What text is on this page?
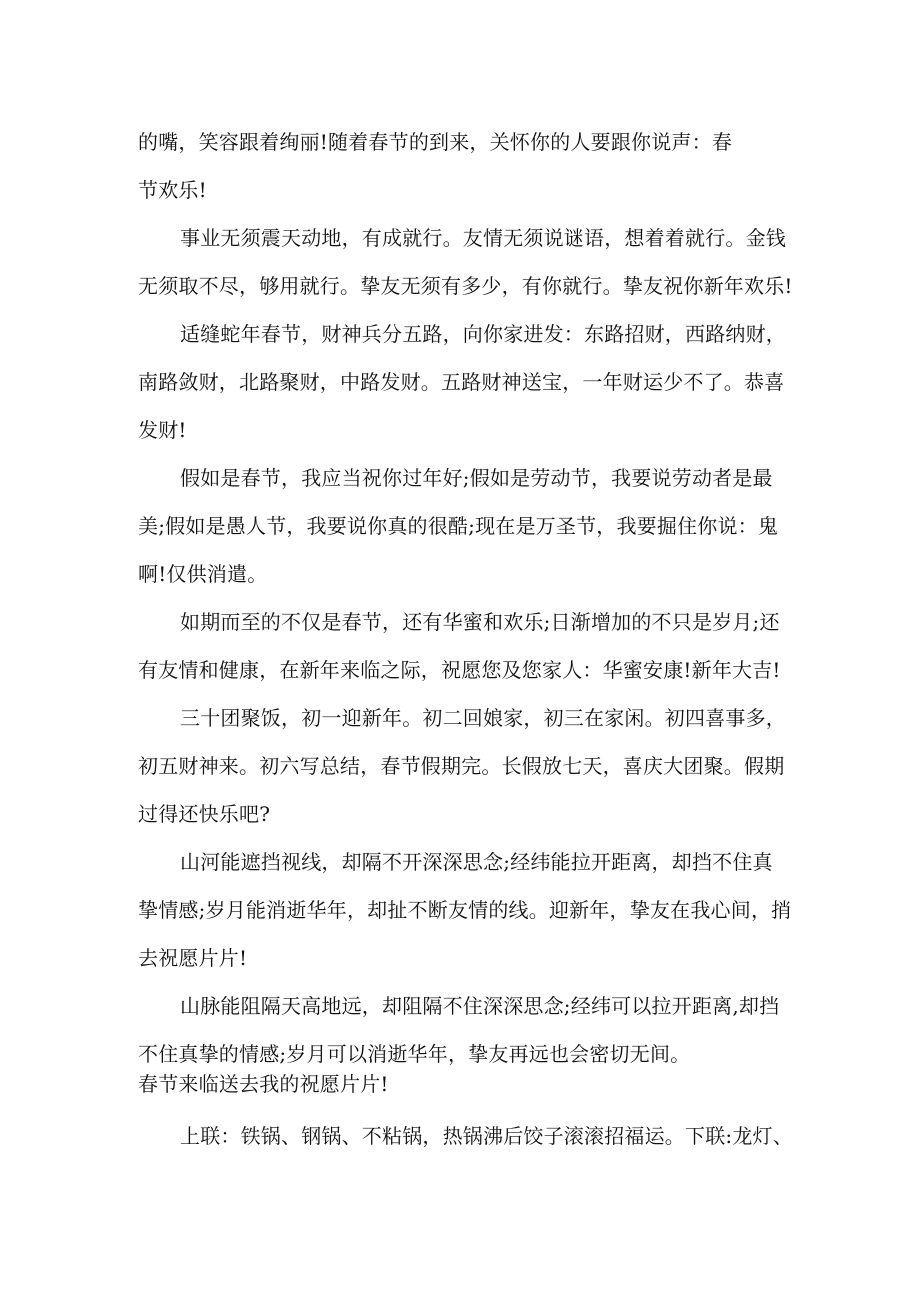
的嘴，笑容跟着绚丽!随着春节的到来，关怀你的人要跟你说声：春
节欢乐!
事业无须震天动地，有成就行。友情无须说谜语，想着着就行。金钱
无须取不尽，够用就行。挚友无须有多少，有你就行。挚友祝你新年欢乐!
适缝蛇年春节，财神兵分五路，向你家进发：东路招财，西路纳财，
南路敛财，北路聚财，中路发财。五路财神送宝，一年财运少不了。恭喜
发财!
假如是春节，我应当祝你过年好;假如是劳动节，我要说劳动者是最
美;假如是愚人节，我要说你真的很酷;现在是万圣节，我要掘住你说：鬼
啊!仅供消遣。
如期而至的不仅是春节，还有华蜜和欢乐;日渐增加的不只是岁月;还
有友情和健康，在新年来临之际，祝愿您及您家人：华蜜安康!新年大吉!
三十团聚饭，初一迎新年。初二回娘家，初三在家闲。初四喜事多，
初五财神来。初六写总结，春节假期完。长假放七天，喜庆大团聚。假期
过得还快乐吧?
山河能遮挡视线，却隔不开深深思念;经纬能拉开距离，却挡不住真
挚情感;岁月能消逝华年，却扯不断友情的线。迎新年，挚友在我心间，捎
去祝愿片片!
山脉能阻隔天高地远，却阻隔不住深深思念;经纬可以拉开距离,却挡
不住真挚的情感;岁月可以消逝华年，挚友再远也会密切无间。
春节来临送去我的祝愿片片!
上联：铁锅、钢锅、不粘锅，热锅沸后饺子滚滚招福运。下联:龙灯、
